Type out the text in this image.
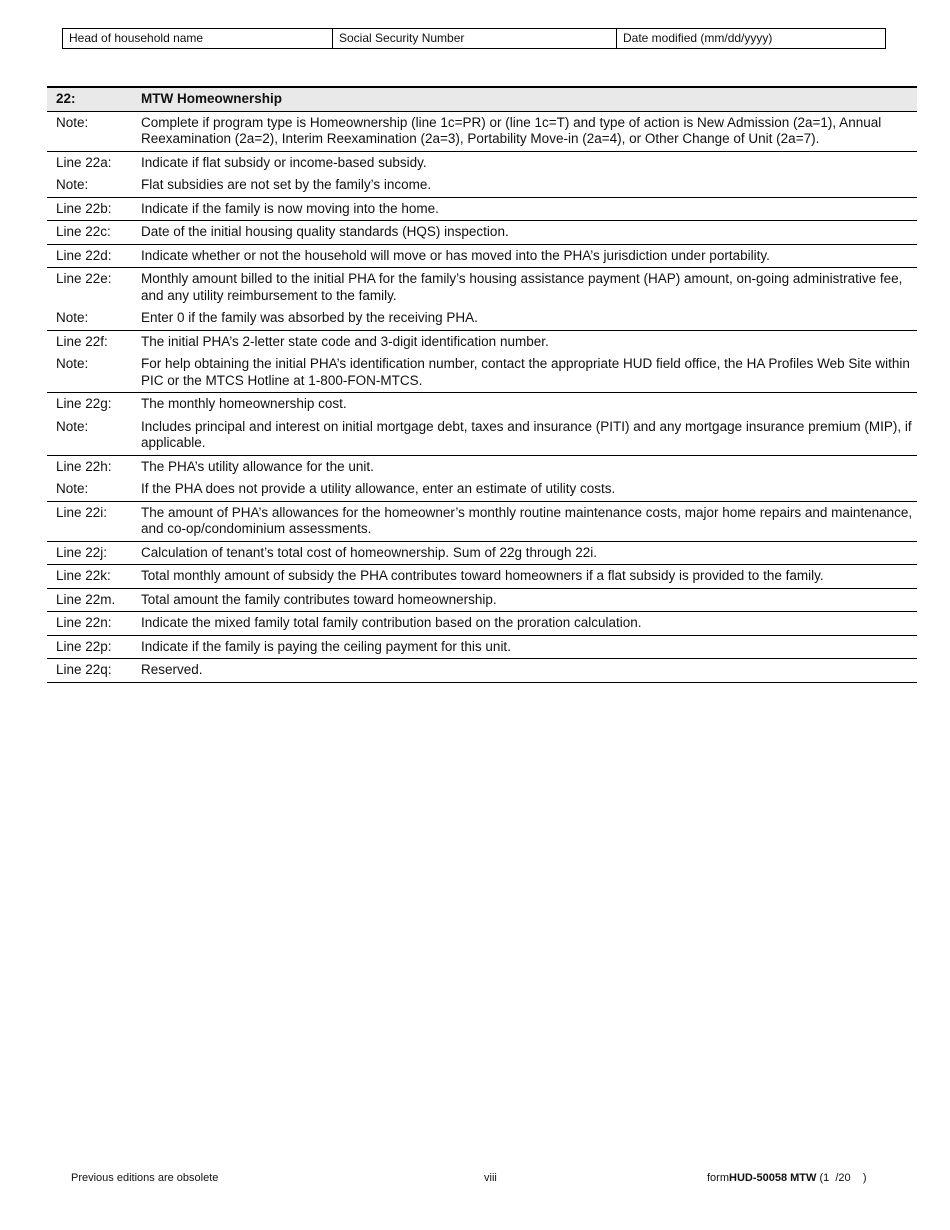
Head of household name	Social Security Number	Date modified (mm/dd/yyyy)
22:	MTW Homeownership
Note:	Complete if program type is Homeownership (line 1c=PR) or (line 1c=T) and type of action is New Admission (2a=1), Annual Reexamination (2a=2), Interim Reexamination (2a=3), Portability Move-in (2a=4), or Other Change of Unit (2a=7).
Line 22a:	Indicate if flat subsidy or income-based subsidy.
Note:	Flat subsidies are not set by the family’s income.
Line 22b:	Indicate if the family is now moving into the home.
Line 22c:	Date of the initial housing quality standards (HQS) inspection.
Line 22d:	Indicate whether or not the household will move or has moved into the PHA’s jurisdiction under portability.
Line 22e:	Monthly amount billed to the initial PHA for the family’s housing assistance payment (HAP) amount, on-going administrative fee, and any utility reimbursement to the family.
Note:	Enter 0 if the family was absorbed by the receiving PHA.
Line 22f:	The initial PHA’s 2-letter state code and 3-digit identification number.
Note:	For help obtaining the initial PHA’s identification number, contact the appropriate HUD field office, the HA Profiles Web Site within PIC or the MTCS Hotline at 1-800-FON-MTCS.
Line 22g:	The monthly homeownership cost.
Note:	Includes principal and interest on initial mortgage debt, taxes and insurance (PITI) and any mortgage insurance premium (MIP), if applicable.
Line 22h:	The PHA’s utility allowance for the unit.
Note:	If the PHA does not provide a utility allowance, enter an estimate of utility costs.
Line 22i:	The amount of PHA’s allowances for the homeowner’s monthly routine maintenance costs, major home repairs and maintenance, and co-op/condominium assessments.
Line 22j:	Calculation of tenant’s total cost of homeownership. Sum of 22g through 22i.
Line 22k:	Total monthly amount of subsidy the PHA contributes toward homeowners if a flat subsidy is provided to the family.
Line 22m.	Total amount the family contributes toward homeownership.
Line 22n:	Indicate the mixed family total family contribution based on the proration calculation.
Line 22p:	Indicate if the family is paying the ceiling payment for this unit.
Line 22q:	Reserved.
Previous editions are obsolete	viii	formHUD-50058 MTW (1  /20    )
